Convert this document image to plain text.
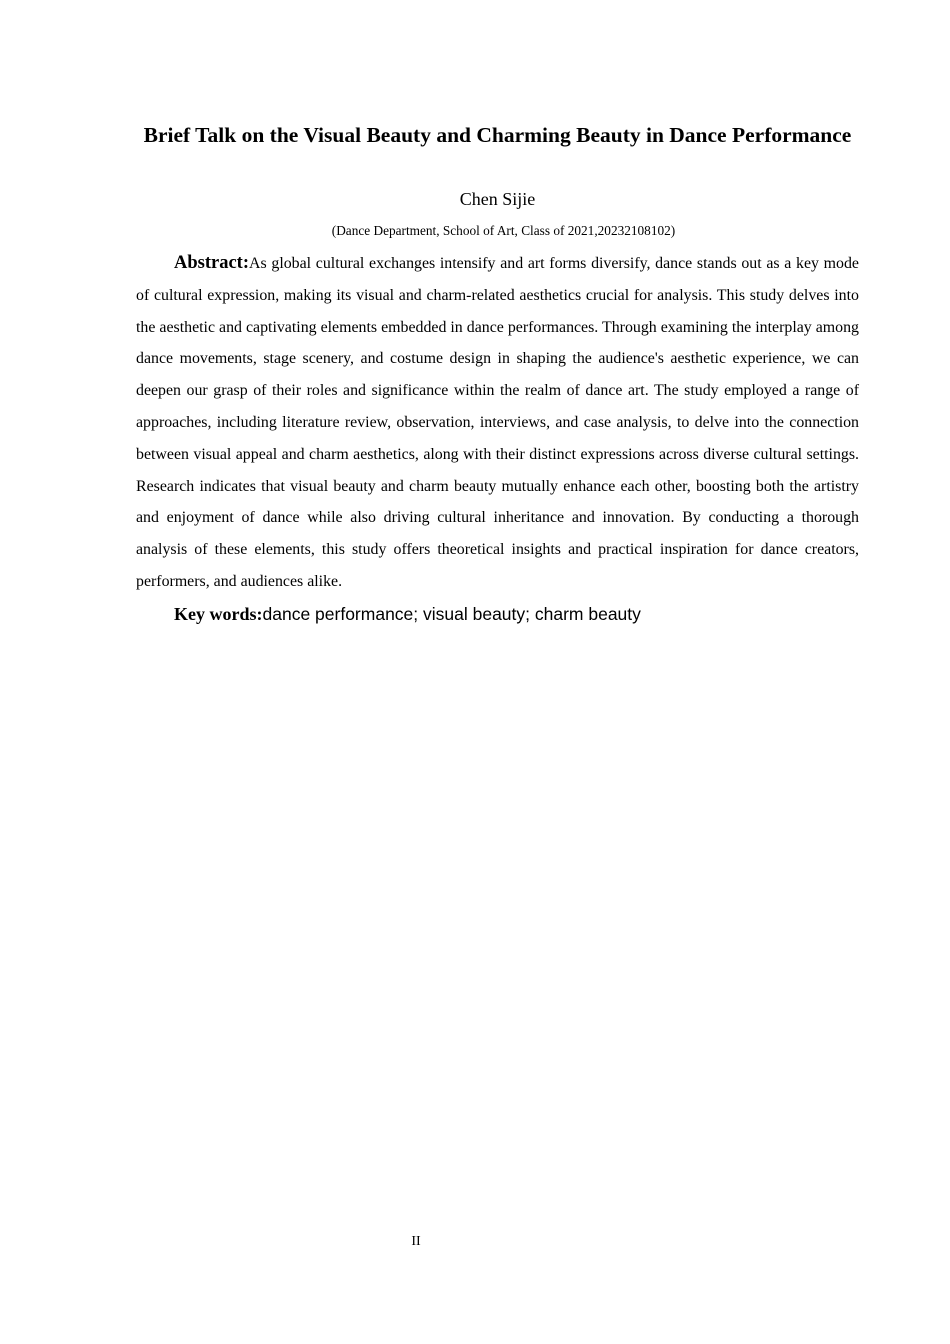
Brief Talk on the Visual Beauty and Charming Beauty in Dance Performance
Chen Sijie
(Dance Department, School of Art, Class of 2021,20232108102)

Abstract:As global cultural exchanges intensify and art forms diversify, dance stands out as a key mode of cultural expression, making its visual and charm-related aesthetics crucial for analysis. This study delves into the aesthetic and captivating elements embedded in dance performances. Through examining the interplay among dance movements, stage scenery, and costume design in shaping the audience's aesthetic experience, we can deepen our grasp of their roles and significance within the realm of dance art. The study employed a range of approaches, including literature review, observation, interviews, and case analysis, to delve into the connection between visual appeal and charm aesthetics, along with their distinct expressions across diverse cultural settings. Research indicates that visual beauty and charm beauty mutually enhance each other, boosting both the artistry and enjoyment of dance while also driving cultural inheritance and innovation. By conducting a thorough analysis of these elements, this study offers theoretical insights and practical inspiration for dance creators, performers, and audiences alike.

Key words:dance performance; visual beauty; charm beauty

II
